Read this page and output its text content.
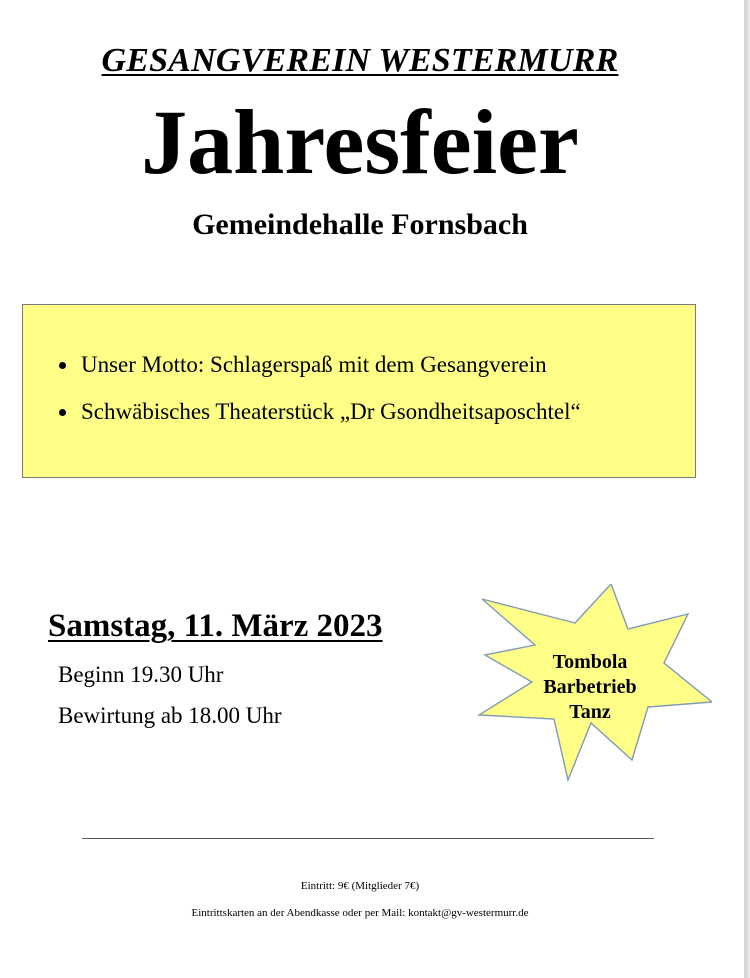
GESANGVEREIN WESTERMURR
Jahresfeier
Gemeindehalle Fornsbach
Unser Motto: Schlagerspaß mit dem Gesangverein
Schwäbisches Theaterstück „Dr Gsondheitsaposchtel“
Samstag, 11. März 2023
Beginn 19.30 Uhr
Bewirtung ab 18.00 Uhr
Tombola
Barbetrieb
Tanz
Eintritt: 9€ (Mitglieder 7€)
Eintrittskarten an der Abendkasse oder per Mail: kontakt@gv-westermurr.de
